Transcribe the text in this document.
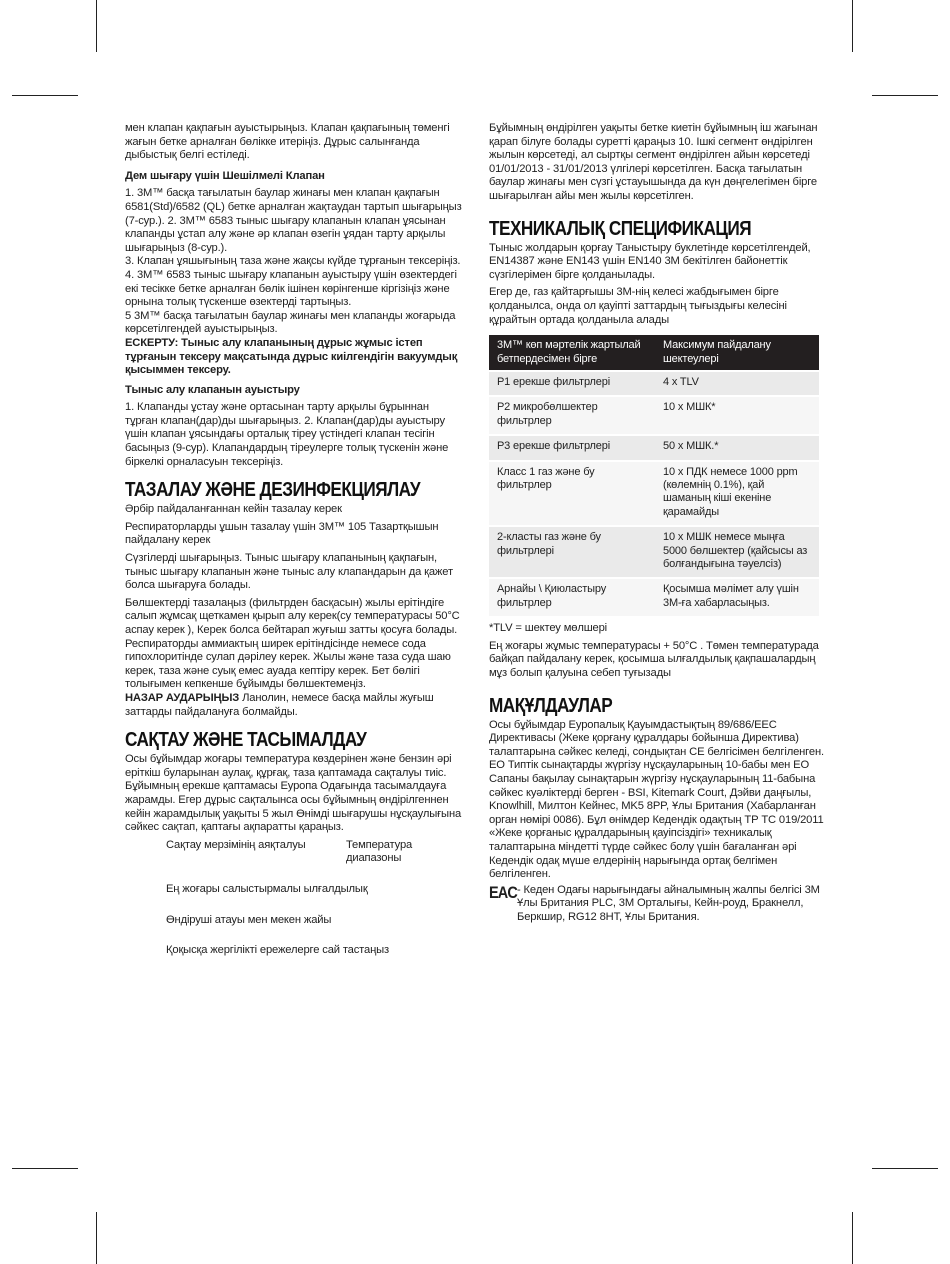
мен клапан қақпағын ауыстырыңыз. Клапан қақпағының төменгі жағын бетке арналған бөлікке итеріңіз. Дұрыс салынғанда дыбыстық белгі естіледі.

Дем шығару үшін Шешілмелі Клапан

1. 3M™ басқа тағылатын баулар жинағы мен клапан қақпағын 6581(Std)/6582 (QL) бетке арналған жақтаудан тартып шығарыңыз (7-сур.). 2. 3M™ 6583 тыныс шығару клапанын клапан ұясынан клапанды ұстап алу және әр клапан өзегін ұядан тарту арқылы шығарыңыз (8-сур.).
3. Клапан ұяшығының таза және жақсы күйде тұрғанын тексеріңіз. 4. 3M™ 6583 тыныс шығару клапанын ауыстыру үшін өзектердегі екі тесікке бетке арналған бөлік ішінен көрінгенше кіргізіңіз және орнына толық түскенше өзектерді тартыңыз.
5 3M™ басқа тағылатын баулар жинағы мен клапанды жоғарыда көрсетілгендей ауыстырыңыз.

ЕСКЕРТУ: Тыныс алу клапанының дұрыс жұмыс істеп тұрғанын тексеру мақсатында дұрыс киілгендігін вакуумдық қысыммен тексеру.

Тыныс алу клапанын ауыстыру

1. Клапанды ұстау және ортасынан тарту арқылы бұрыннан тұрған клапан(дар)ды шығарыңыз. 2. Клапан(дар)ды ауыстыру үшін клапан ұясындағы орталық тіреу үстіндегі клапан тесігін басыңыз (9-сур). Клапандардың тіреулерге толық түскенін және біркелкі орналасуын тексеріңіз.

ТАЗАЛАУ ЖӘНЕ ДЕЗИНФЕКЦИЯЛАУ

Әрбір пайдаланғаннан кейін тазалау керек

Респираторларды ұшын тазалау үшін 3M™ 105 Тазартқышын пайдалану керек

Сүзгілерді шығарыңыз. Тыныс шығару клапанының қақпағын, тыныс шығару клапанын және тыныс алу клапандарын да қажет болса шығаруға болады.

Бөлшектерді тазалаңыз (фильтрден басқасын) жылы ерітіндіге салып жұмсақ щеткамен қырып алу керек(су температурасы 50°C аспау керек ), Керек болса бейтарап жуғыш затты қосуға болады. Респираторды аммиактың ширек ерітіндісінде немесе сода гипохлоритінде сулап дәрілеу керек. Жылы және таза суда шаю керек, таза және суық емес ауада кептіру керек. Бет бөлігі толығымен кепкенше бұйымды бөлшектемеңіз.

НАЗАР АУДАРЫҢЫЗ Ланолин, немесе басқа майлы жуғыш заттарды пайдалануға болмайды.

САҚТАУ ЖӘНЕ ТАСЫМАЛДАУ

Осы бұйымдар жоғары температура көздерінен және бензин әрі еріткіш буларынан аулақ, құрғақ, таза қаптамада сақталуы тиіс. Бұйымның ерекше қаптамасы Еуропа Одағында тасымалдауға жарамды. Егер дұрыс сақталынса осы бұйымның өндірілгеннен кейін жарамдылық уақыты 5 жыл Өнімді шығарушы нұсқаулығына сәйкес сақтап, қаптағы ақпаратты қараңыз.

Сақтау мерзімінің аяқталуы	Температура диапазоны
Ең жоғары салыстырмалы ылғалдылық
Өндіруші атауы мен мекен жайы
Қоқысқа жергілікті ережелерге сай тастаңыз

Бұйымның өндірілген уақыты бетке киетін бұйымның іш жағынан қарап білуге болады суретті қараңыз 10. Ішкі сегмент өндірілген жылын көрсетеді, ал сыртқы сегмент өндірілген айын көрсетеді 01/01/2013 - 31/01/2013 үлгілері көрсетілген. Басқа тағылатын баулар жинағы мен сүзгі ұстауышында да күн дөңгелегімен бірге шығарылған айы мен жылы көрсетілген.

ТЕХНИКАЛЫҚ СПЕЦИФИКАЦИЯ

Тыныс жолдарын қорғау Таныстыру буклетінде көрсетілгендей, EN14387 және EN143 үшін EN140 3M бекітілген байонеттік сүзгілерімен бірге қолданылады.

Егер де, газ қайтарғышы 3M-нің келесі жабдығымен бірге қолданылса, онда ол қауіпті заттардың тығыздығы келесіні құрайтын ортада қолданыла алады

3M™ көп мәртелік жартылай бетпердесімен бірге	Максимум пайдалану шектеулері
P1 ерекше фильтрлері	4 x TLV
P2 микробөлшектер фильтрлер	10 x МШК*
P3 ерекше фильтрлері	50 x МШК.*
Класс 1 газ және бу фильтрлер	10 x ПДК немесе 1000 ppm (көлемнің 0.1%), қай шаманың кіші екеніне қарамайды
2-класты газ және бу фильтрлері	10 x МШК немесе мыңға 5000 бөлшектер (қайсысы аз болғандығына тәуелсіз)
Арнайы \ Қиюластыру фильтрлер	Қосымша мәлімет алу үшін 3M-ға хабарласыңыз.

*TLV = шектеу мөлшері

Ең жоғары жұмыс температурасы + 50°C . Төмен температурада байқап пайдалану керек, қосымша ылғалдылық қақпашалардың мұз болып қалуына себеп туғызады

МАҚҰЛДАУЛАР

Осы бұйымдар Еуропалық Қауымдастықтың 89/686/EEC Директивасы (Жеке қорғану құралдары бойынша Директива) талаптарына сәйкес келеді, сондықтан CE белгісімен белгіленген. ЕО Типтік сынақтарды жүргізу нұсқауларының 10-бабы мен ЕО Сапаны бақылау сынақтарын жүргізу нұсқауларының 11-бабына сәйкес куәліктерді берген - BSI, Kitemark Court, Дэйви даңғылы, Knowlhill, Милтон Кейнес, MK5 8PP, Ұлы Британия (Хабарланған орган нөмірі 0086). Бұл өнімдер Кедендік одақтың ТР ТС 019/2011 «Жеке қорғаныс құралдарының қауіпсіздігі» техникалық талаптарына міндетті түрде сәйкес болу үшін бағаланған әрі Кедендік одақ мүше елдерінің нарығында ортақ белгімен белгіленген.

EAC - Кеден Одағы нарығындағы айналымның жалпы белгісі 3M Ұлы Британия PLC, 3M Орталығы, Кейн-роуд, Бракнелл, Беркшир, RG12 8HT, Ұлы Британия.
